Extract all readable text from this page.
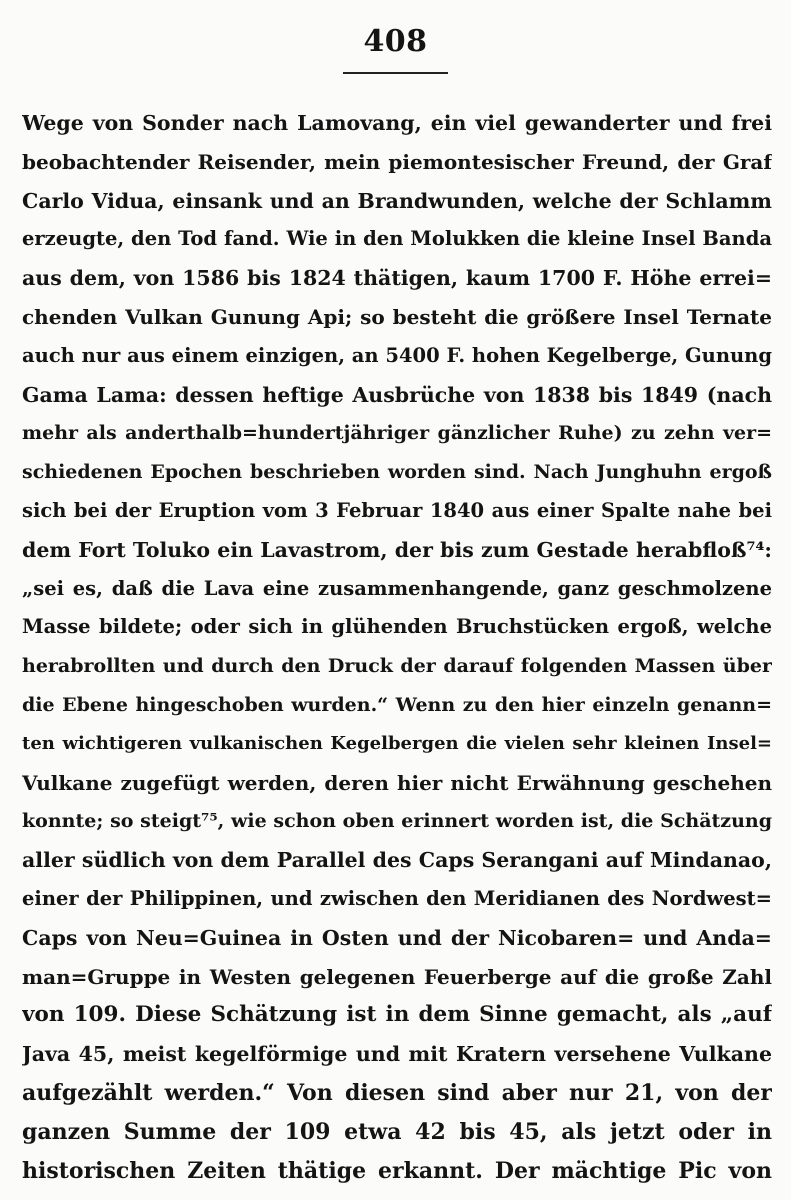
408
Wege von Sonder nach Lamovang, ein viel gewanderter und frei
beobachtender Reisender, mein piemontesischer Freund, der Graf
Carlo Vidua, einsank und an Brandwunden, welche der Schlamm
erzeugte, den Tod fand. Wie in den Molukken die kleine Insel Banda
aus dem, von 1586 bis 1824 thätigen, kaum 1700 F. Höhe errei=
chenden Vulkan Gunung Api; so besteht die größere Insel Ternate
auch nur aus einem einzigen, an 5400 F. hohen Kegelberge, Gunung
Gama Lama: dessen heftige Ausbrüche von 1838 bis 1849 (nach
mehr als anderthalb=hundertjähriger gänzlicher Ruhe) zu zehn ver=
schiedenen Epochen beschrieben worden sind. Nach Junghuhn ergoß
sich bei der Eruption vom 3 Februar 1840 aus einer Spalte nahe bei
dem Fort Toluko ein Lavastrom, der bis zum Gestade herabfloß⁷⁴:
„sei es, daß die Lava eine zusammenhangende, ganz geschmolzene
Masse bildete; oder sich in glühenden Bruchstücken ergoß, welche
herabrollten und durch den Druck der darauf folgenden Massen über
die Ebene hingeschoben wurden.“ Wenn zu den hier einzeln genann=
ten wichtigeren vulkanischen Kegelbergen die vielen sehr kleinen Insel=
Vulkane zugefügt werden, deren hier nicht Erwähnung geschehen
konnte; so steigt⁷⁵, wie schon oben erinnert worden ist, die Schätzung
aller südlich von dem Parallel des Caps Serangani auf Mindanao,
einer der Philippinen, und zwischen den Meridianen des Nordwest=
Caps von Neu=Guinea in Osten und der Nicobaren= und Anda=
man=Gruppe in Westen gelegenen Feuerberge auf die große Zahl
von 109. Diese Schätzung ist in dem Sinne gemacht, als „auf
Java 45, meist kegelförmige und mit Kratern versehene Vulkane
aufgezählt werden.“ Von diesen sind aber nur 21, von der
ganzen Summe der 109 etwa 42 bis 45, als jetzt oder in
historischen Zeiten thätige erkannt. Der mächtige Pic von
